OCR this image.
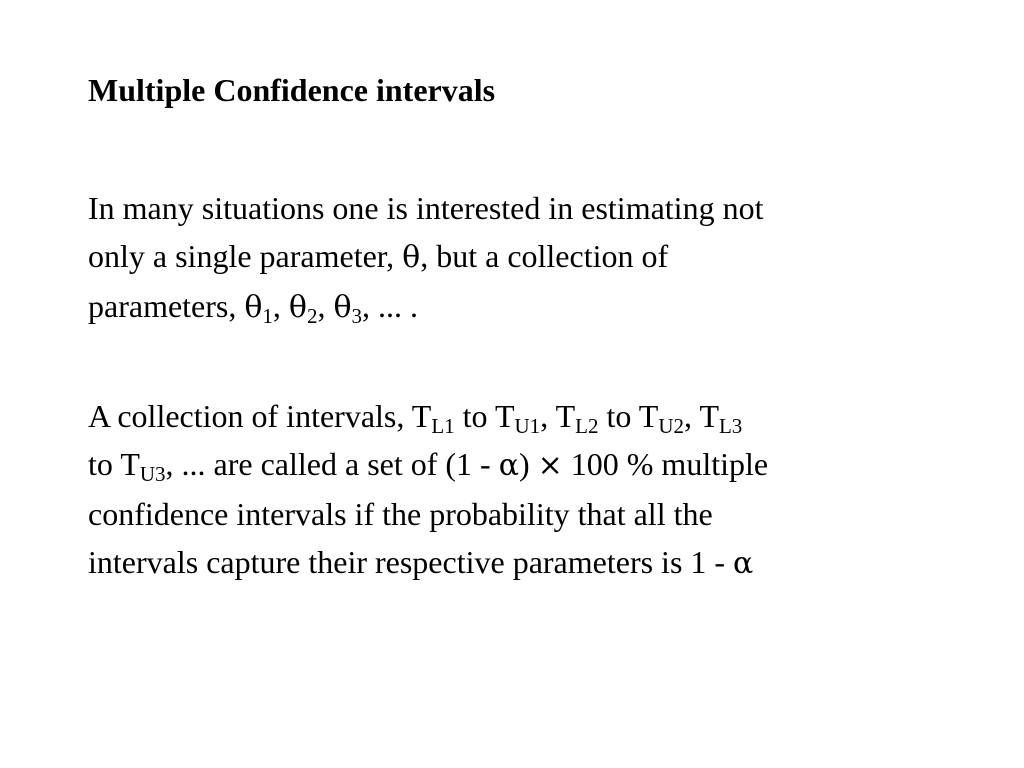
Multiple Confidence intervals
In many situations one is interested in estimating not
only a single parameter, θ, but a collection of
parameters, $\theta_1$, $\theta_2$, $\theta_3$, ... .
A collection of intervals, $T_{L1}$ to $T_{U1}$, $T_{L2}$ to $T_{U2}$, $T_{L3}$
to $T_{U3}$, ... are called a set of (1 - α) × 100 % multiple
confidence intervals if the probability that all the
intervals capture their respective parameters is 1 - α
